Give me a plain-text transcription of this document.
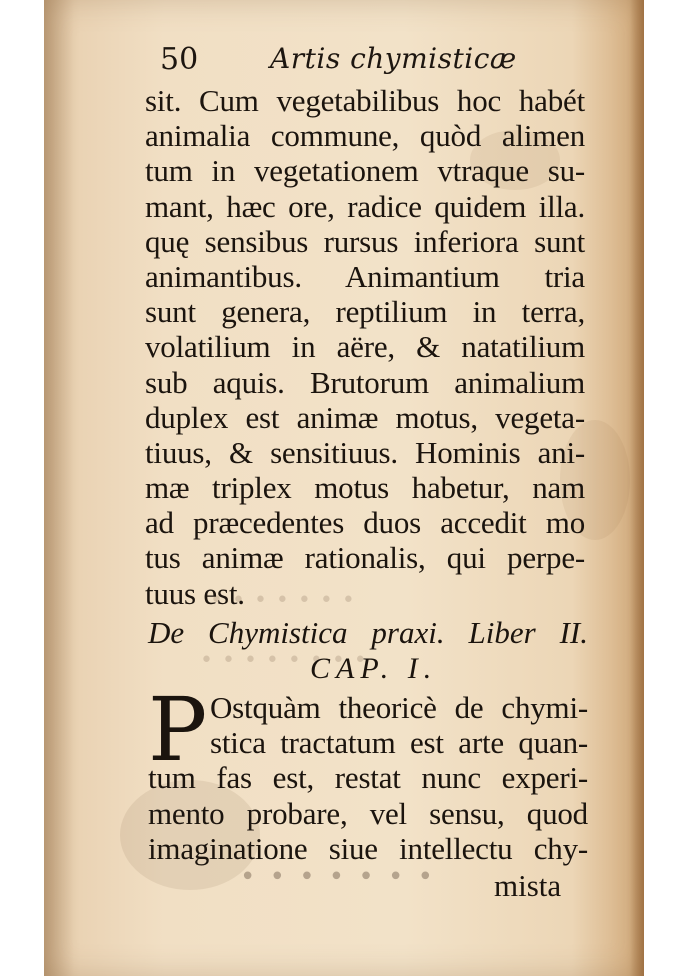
50	Artis chymisticæ
sit. Cum vegetabilibus hoc habét
animalia commune, quòd alimen
tum in vegetationem vtraque su-
mant, hæc ore, radice quidem illa.
quę sensibus rursus inferiora sunt
animantibus. Animantium tria
sunt genera, reptilium in terra,
volatilium in aëre, & natatilium
sub aquis. Brutorum animalium
duplex est animæ motus, vegeta-
tiuus, & sensitiuus. Hominis ani-
mæ triplex motus habetur, nam
ad præcedentes duos accedit mo
tus animæ rationalis, qui perpe-
tuus est.
• • • • • • •
• • • • • • • •
De Chymistica praxi. Liber II.
CAP. I.
P Ostquàm theoricè de chymi-
stica tractatum est arte quan-
tum fas est, restat nunc experi-
mento probare, vel sensu, quod
imaginatione siue intellectu chy-
• • • • • • • mista
